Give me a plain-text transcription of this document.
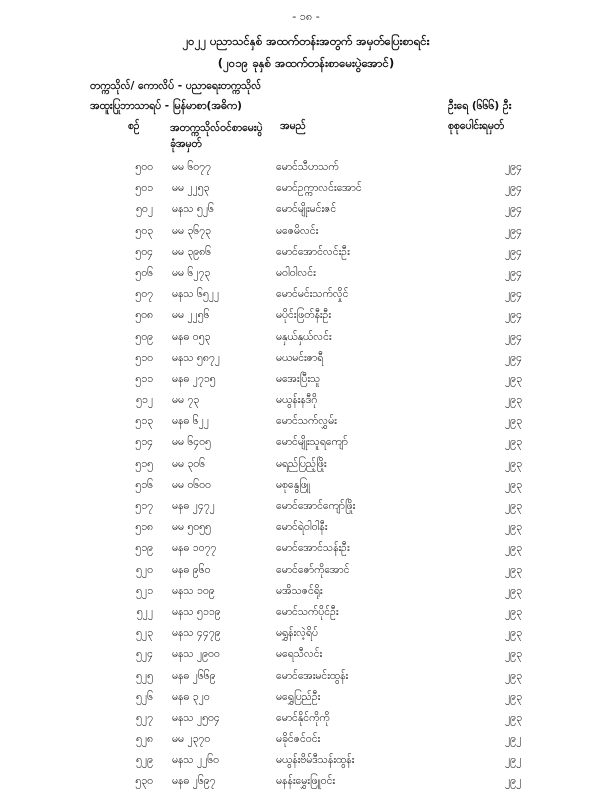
- ၁၈ -
၂၀၂၂ ပညာသင်နှစ် အထက်တန်းအတွက် အမှတ်ပြေးစာရင်း
(၂၀၁၉ ခုနှစ် အထက်တန်းစာမေးပွဲအောင်)
တက္ကသိုလ်/ ကောလိပ် - ပညာရေးတက္ကသိုလ်
အထူးပြုဘာသာရပ် - မြန်မာစာ(အဓိက)	ဦးရေ (၆၆၆) ဦး
စဉ်	အတက္ကသိုလ်ဝင်စာမေးပွဲ
ခုံအမှတ်
အမည်	စုစုပေါင်းရမှတ်
၅၀၀ မမ ၆၀၇၇	မောင်သီဟသက်	၂၉၄
၅၀၁ မမ ၂၂၅၃	မောင်ဥက္ကာလင်းအောင်	၂၉၄
၅၀၂ မနသ ၅၂၆	မောင်မျိုးမင်းဇင်	၂၉၄
၅၀၃ မမ ၃၆၇၃	မဇေမိလင်း	၂၉၄
၅၀၄ မမ ၃၉၈၆	မောင်အောင်လင်းဦး	၂၉၄
၅၀၆ မမ ၆၂၇၃	မဝါဝါလင်း	၂၉၄
၅၀၇ မနသ ၆၅၂၂	မောင်မင်းသက်လှိုင်	၂၉၄
၅၀၈ မမ ၂၂၅၆	မပိုင်းဖြတ်နီးဦး	၂၉၄
၅၀၉ မနဓ ၀၅၃	မနှယ်နှယ်လင်း	၂၉၄
၅၁၀ မနသ ၅၈၇၂	မယမင်းဇာရီ	၂၉၄
၅၁၁ မနဓ ၂၇၁၅	မအေးပြီးသူ	၂၉၃
၅၁၂ မမ ၇၃	မယွန်းနဒီဂို	၂၉၃
၅၁၃ မနဓ ၆၂၂	မောင်သက်လွှမ်း	၂၉၃
၅၁၄ မမ ၆၄၀၅	မောင်မျိုးသူရကျော်	၂၉၃
၅၁၅ မမ ၃၀၆	မရည်ပြည့်ဖြိုး	၂၉၃
၅၁၆ မမ ၀၆၀၀	မစုနွေဖြူ	၂၉၃
၅၁၇ မနဓ ၂၄၇၂	မောင်အောင်ကျော်ဖြိုး	၂၉၃
၅၁၈ မမ ၅၀၅၅	မောင်ရဲဝါဝါနီး	၂၉၃
၅၁၉ မနဓ ၁၀၇၇	မောင်အောင်သန်းဦး	၂၉၃
၅၂၀ မနဓ ၉၆၀	မောင်ဇော်ကိုအောင်	၂၉၃
၅၂၁ မနသ ၁၀၉	မအိသဇင်ရိုး	၂၉၃
၅၂၂ မနသ ၅၁၁၉	မောင်သက်ပိုင်ဦး	၂၉၃
၅၂၃ မနသ ၄၄၇၉	မရွှန်းလဲ့ရိပ်	၂၉၃
၅၂၄ မနသ ၂၉၀၀	မရေသီလင်း	၂၉၃
၅၂၅ မနဓ ၂၆၆၉	မောင်အေးမင်းထွန်း	၂၉၃
၅၂၆ မနဓ ၃၂၀	မရွှေပြည်ဦး	၂၉၃
၅၂၇ မနသ ၂၅၀၄	မောင်နိုင်ကိုကို	၂၉၃
၅၂၈ မမ ၂၃၇၀	မခိုင်ဇင်ဝင်း	၂၉၂
၅၂၉ မနသ ၂၂၆၀	မယွန်းဗိမ်ဒီသန်းထွန်း	၂၉၂
၅၃၀ မနဓ ၂၆၉၇	မနန်းမွှေးဖြူဝင်း	၂၉၂
